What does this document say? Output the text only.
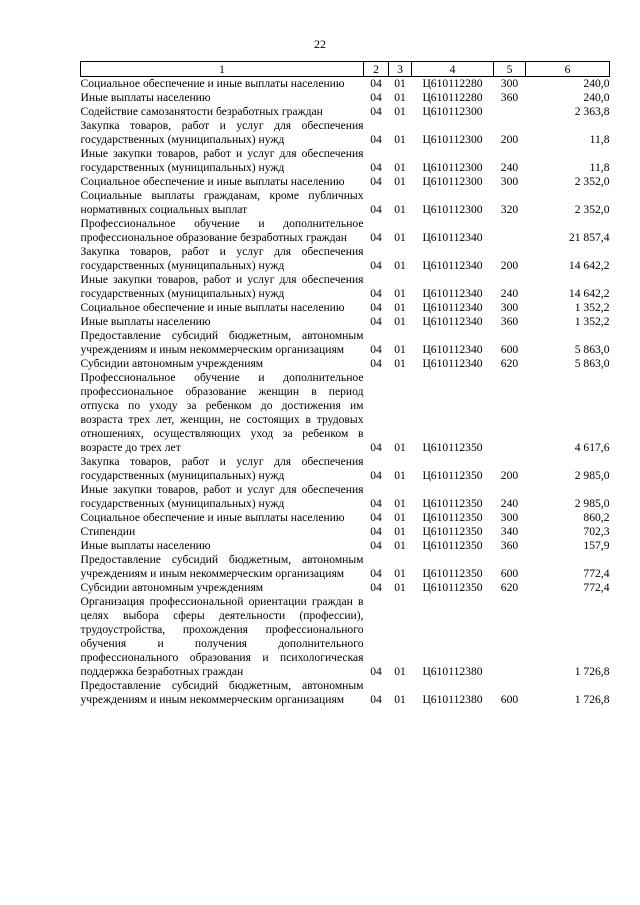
22
1	2	3	4	5	6
Социальное обеспечение и иные выплаты населению	04	01	Ц610112280	300	240,0
Иные выплаты населению	04	01	Ц610112280	360	240,0
Содействие самозанятости безработных граждан	04	01	Ц610112300		2 363,8
Закупка товаров, работ и услуг для обеспечения государственных (муниципальных) нужд	04	01	Ц610112300	200	11,8
Иные закупки товаров, работ и услуг для обеспечения государственных (муниципальных) нужд	04	01	Ц610112300	240	11,8
Социальное обеспечение и иные выплаты населению	04	01	Ц610112300	300	2 352,0
Социальные выплаты гражданам, кроме публичных нормативных социальных выплат	04	01	Ц610112300	320	2 352,0
Профессиональное обучение и дополнительное профессиональное образование безработных граждан	04	01	Ц610112340		21 857,4
Закупка товаров, работ и услуг для обеспечения государственных (муниципальных) нужд	04	01	Ц610112340	200	14 642,2
Иные закупки товаров, работ и услуг для обеспечения государственных (муниципальных) нужд	04	01	Ц610112340	240	14 642,2
Социальное обеспечение и иные выплаты населению	04	01	Ц610112340	300	1 352,2
Иные выплаты населению	04	01	Ц610112340	360	1 352,2
Предоставление субсидий бюджетным, автономным учреждениям и иным некоммерческим организациям	04	01	Ц610112340	600	5 863,0
Субсидии автономным учреждениям	04	01	Ц610112340	620	5 863,0
Профессиональное обучение и дополнительное профессиональное образование женщин в период отпуска по уходу за ребенком до достижения им возраста трех лет, женщин, не состоящих в трудовых отношениях, осуществляющих уход за ребенком в возрасте до трех лет	04	01	Ц610112350		4 617,6
Закупка товаров, работ и услуг для обеспечения государственных (муниципальных) нужд	04	01	Ц610112350	200	2 985,0
Иные закупки товаров, работ и услуг для обеспечения государственных (муниципальных) нужд	04	01	Ц610112350	240	2 985,0
Социальное обеспечение и иные выплаты населению	04	01	Ц610112350	300	860,2
Стипендии	04	01	Ц610112350	340	702,3
Иные выплаты населению	04	01	Ц610112350	360	157,9
Предоставление субсидий бюджетным, автономным учреждениям и иным некоммерческим организациям	04	01	Ц610112350	600	772,4
Субсидии автономным учреждениям	04	01	Ц610112350	620	772,4
Организация профессиональной ориентации граждан в целях выбора сферы деятельности (профессии), трудоустройства, прохождения профессионального обучения и получения дополнительного профессионального образования и психологическая поддержка безработных граждан	04	01	Ц610112380		1 726,8
Предоставление субсидий бюджетным, автономным учреждениям и иным некоммерческим организациям	04	01	Ц610112380	600	1 726,8
